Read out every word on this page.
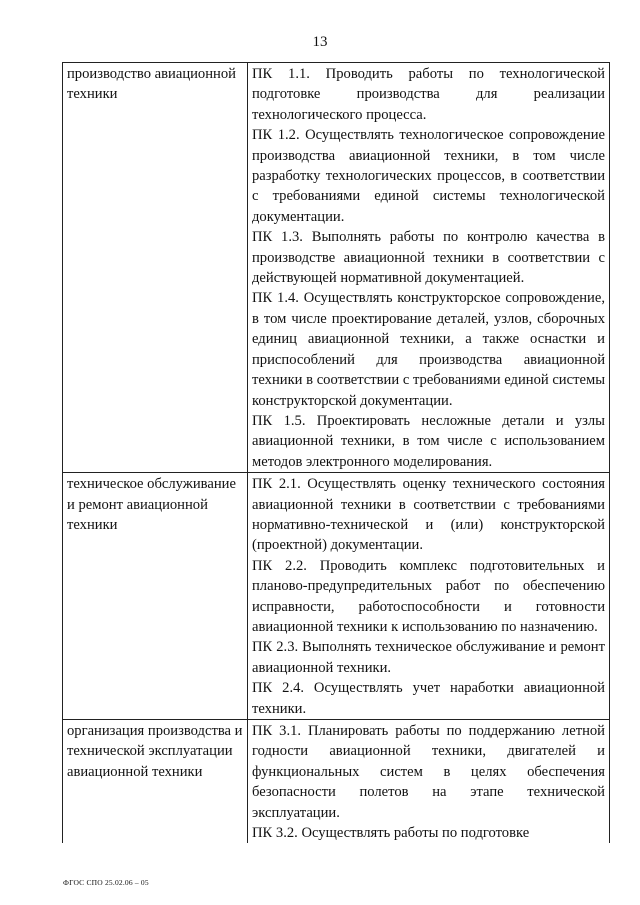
13
производство авиационной техники	ПК 1.1. Проводить работы по технологической подготовке производства для реализации технологического процесса.

ПК 1.2. Осуществлять технологическое сопровождение производства авиационной техники, в том числе разработку технологических процессов, в соответствии с требованиями единой системы технологической документации.

ПК 1.3. Выполнять работы по контролю качества в производстве авиационной техники в соответствии с действующей нормативной документацией.

ПК 1.4. Осуществлять конструкторское сопровождение, в том числе проектирование деталей, узлов, сборочных единиц авиационной техники, а также оснастки и приспособлений для производства авиационной техники в соответствии с требованиями единой системы конструкторской документации.

ПК 1.5. Проектировать несложные детали и узлы авиационной техники, в том числе с использованием методов электронного моделирования.

техническое обслуживание и ремонт авиационной техники	ПК 2.1. Осуществлять оценку технического состояния авиационной техники в соответствии с требованиями нормативно-технической и (или) конструкторской (проектной) документации.

ПК 2.2. Проводить комплекс подготовительных и планово-предупредительных работ по обеспечению исправности, работоспособности и готовности авиационной техники к использованию по назначению.

ПК 2.3. Выполнять техническое обслуживание и ремонт авиационной техники.

ПК 2.4. Осуществлять учет наработки авиационной техники.

организация производства и технической эксплуатации авиационной техники	ПК 3.1. Планировать работы по поддержанию летной годности авиационной техники, двигателей и функциональных систем в целях обеспечения безопасности полетов на этапе технической эксплуатации.

ПК 3.2. Осуществлять работы по подготовке

ФГОС СПО 25.02.06 – 05
